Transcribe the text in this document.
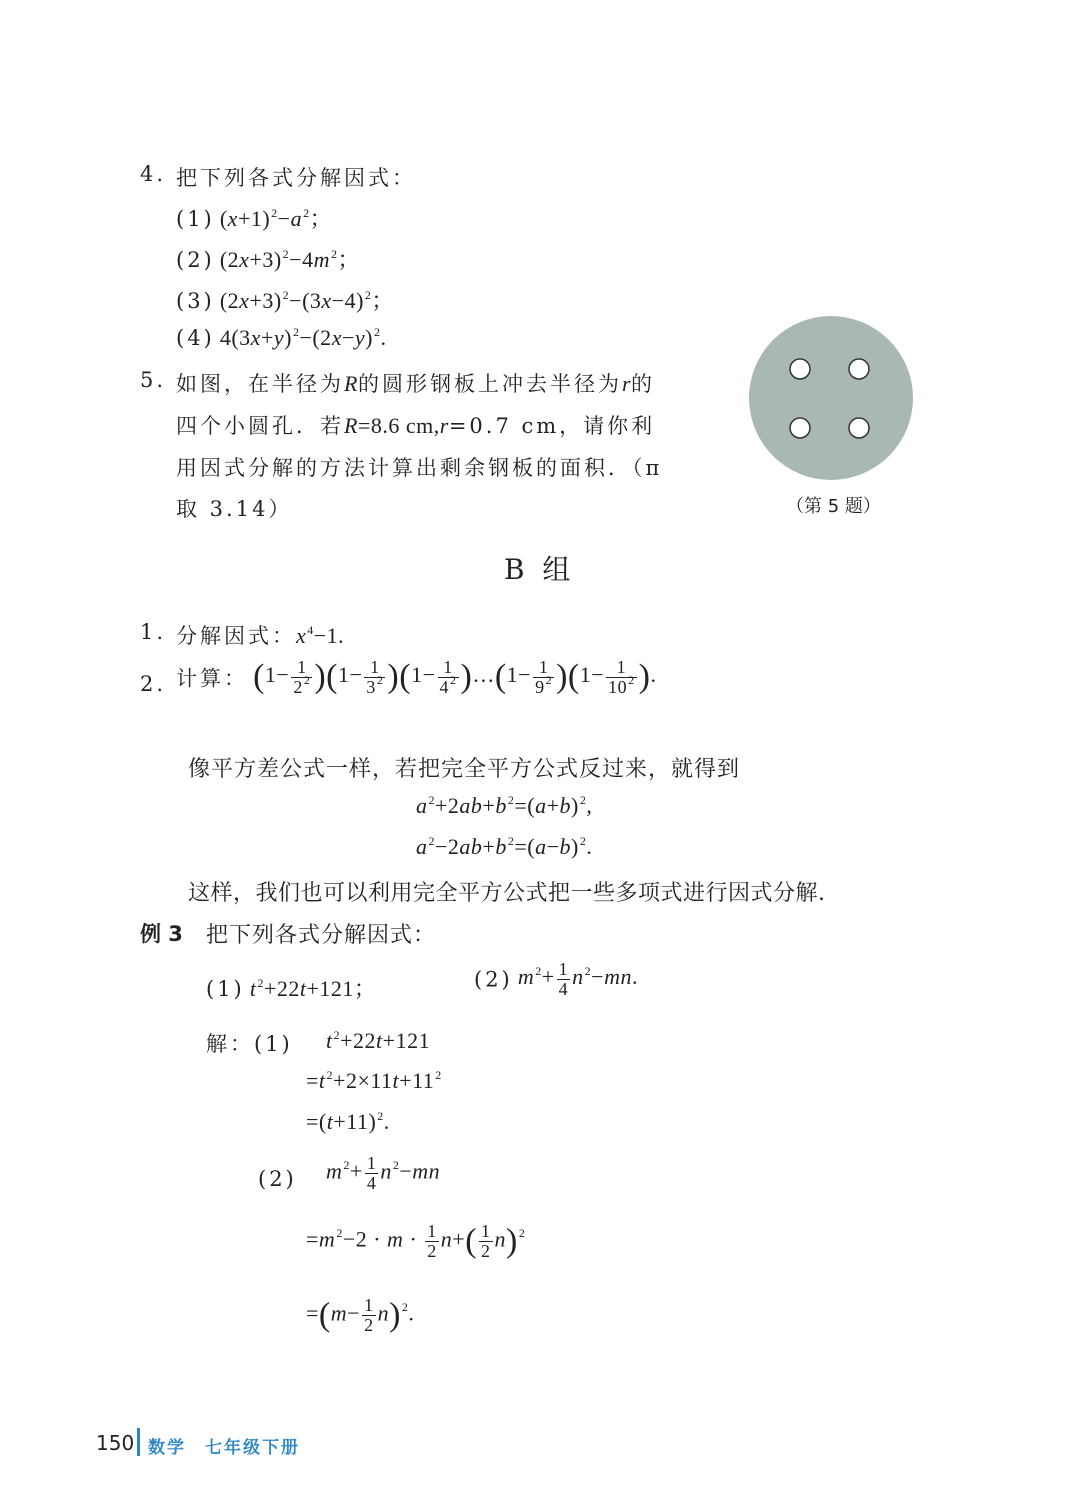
4. 把下列各式分解因式：
(1) $(x+1)^2-a^2$；
(2) $(2x+3)^2-4m^2$；
(3) $(2x+3)^2-(3x-4)^2$；
(4) $4(3x+y)^2-(2x-y)^2$.
5. 如图，在半径为R的圆形钢板上冲去半径为r的
四个小圆孔．若R=8.6 cm,r=0.7 cm，请你利
用因式分解的方法计算出剩余钢板的面积．（π
取 3.14）	（第 5 题）
B  组
1. 分解因式：$x^4-1$.
2. 计算： $(1- \frac{1}{2^2} )(1- \frac{1}{3^2} )(1- \frac{1}{4^2}$ )…(1− $\frac{1}{9^2} )(1- \frac{1}{10^2}$ ).
像平方差公式一样，若把完全平方公式反过来，就得到
$a^2+2ab+b^2=(a+b)^2$,
$a^2-2ab+b^2=(a-b)^2$.
这样，我们也可以利用完全平方公式把一些多项式进行因式分解.
例 3 把下列各式分解因式：
(1) $t^2+22t+121$；	(2) $m^2+ \frac{1}{4} n^2-mn$.
解：(1) $t^2+22t+121$
$=t^2+2\times 11t+11^2$
$=(t+11)^2$.
(2) $m^2+ \frac{1}{4} n^2-mn$
$=m^2-2 \cdot m \cdot \frac{1}{2} n+( \frac{1}{2} n)^2$
$=(m- \frac{1}{2} n)^2$.
150 数学　七年级下册
